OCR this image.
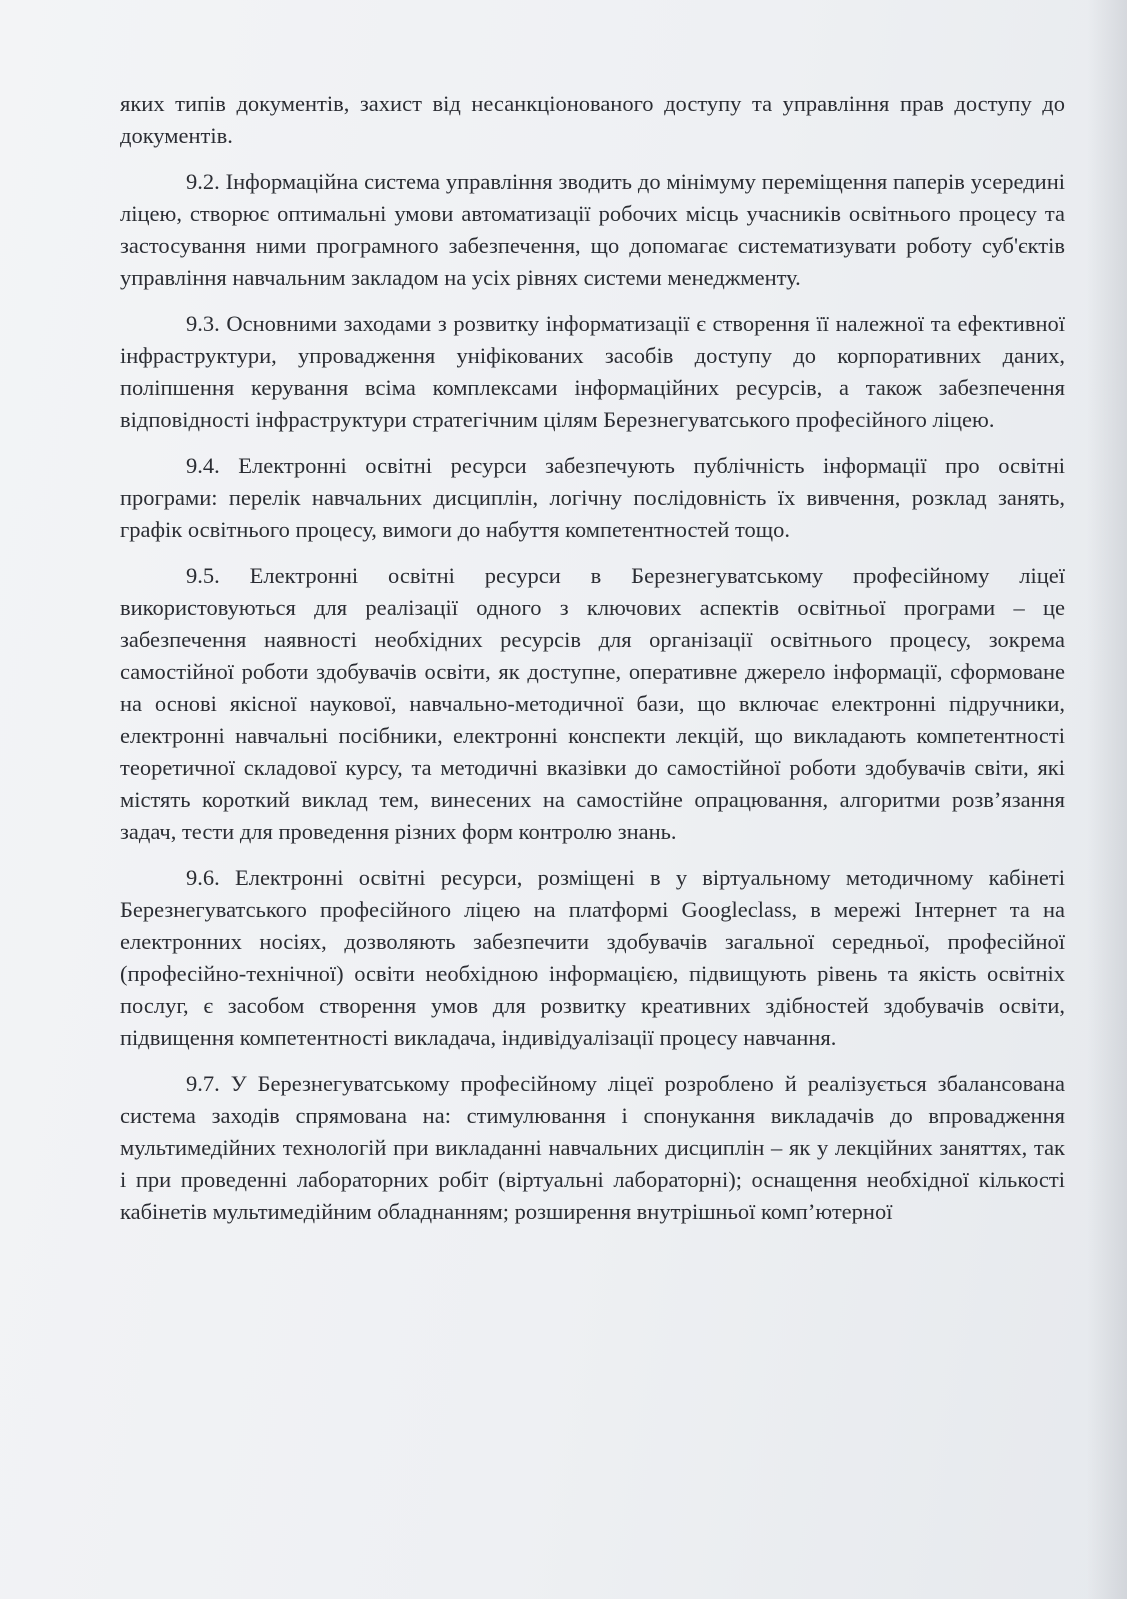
яких типів документів, захист від несанкціонованого доступу та управління прав доступу до документів.

9.2. Інформаційна система управління зводить до мінімуму переміщення паперів усередині ліцею, створює оптимальні умови автоматизації робочих місць учасників освітнього процесу та застосування ними програмного забезпечення, що допомагає систематизувати роботу суб'єктів управління навчальним закладом на усіх рівнях системи менеджменту.

9.3. Основними заходами з розвитку інформатизації є створення її належної та ефективної інфраструктури, упровадження уніфікованих засобів доступу до корпоративних даних, поліпшення керування всіма комплексами інформаційних ресурсів, а також забезпечення відповідності інфраструктури стратегічним цілям Березнегуватського професійного ліцею.

9.4. Електронні освітні ресурси забезпечують публічність інформації про освітні програми: перелік навчальних дисциплін, логічну послідовність їх вивчення, розклад занять, графік освітнього процесу, вимоги до набуття компетентностей тощо.

9.5. Електронні освітні ресурси в Березнегуватському професійному ліцеї використовуються для реалізації одного з ключових аспектів освітньої програми – це забезпечення наявності необхідних ресурсів для організації освітнього процесу, зокрема самостійної роботи здобувачів освіти, як доступне, оперативне джерело інформації, сформоване на основі якісної наукової, навчально-методичної бази, що включає електронні підручники, електронні навчальні посібники, електронні конспекти лекцій, що викладають компетентності теоретичної складової курсу, та методичні вказівки до самостійної роботи здобувачів світи, які містять короткий виклад тем, винесених на самостійне опрацювання, алгоритми розв’язання задач, тести для проведення різних форм контролю знань.

9.6. Електронні освітні ресурси, розміщені в у віртуальному методичному кабінеті Березнегуватського професійного ліцею на платформі Googleclass, в мережі Інтернет та на електронних носіях, дозволяють забезпечити здобувачів загальної середньої, професійної (професійно-технічної) освіти необхідною інформацією, підвищують рівень та якість освітніх послуг, є засобом створення умов для розвитку креативних здібностей здобувачів освіти, підвищення компетентності викладача, індивідуалізації процесу навчання.

9.7. У Березнегуватському професійному ліцеї розроблено й реалізується збалансована система заходів спрямована на: стимулювання і спонукання викладачів до впровадження мультимедійних технологій при викладанні навчальних дисциплін – як у лекційних заняттях, так і при проведенні лабораторних робіт (віртуальні лабораторні); оснащення необхідної кількості кабінетів мультимедійним обладнанням; розширення внутрішньої комп’ютерної
